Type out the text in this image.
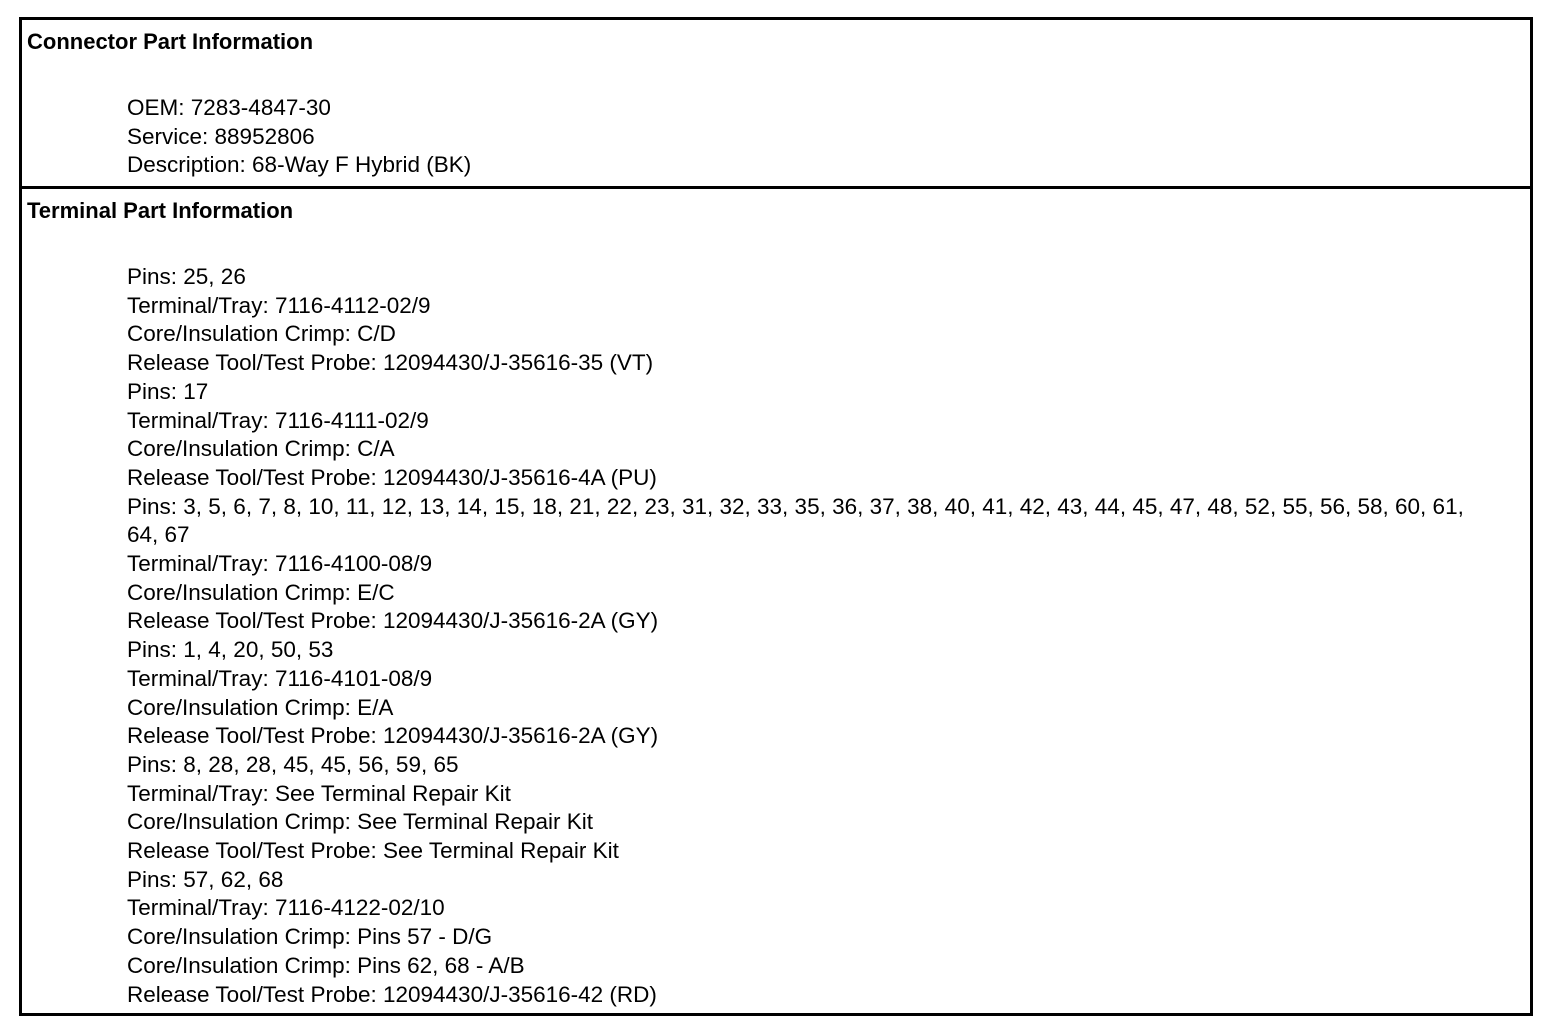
Connector Part Information
OEM: 7283-4847-30
Service: 88952806
Description: 68-Way F Hybrid (BK)
Terminal Part Information
Pins: 25, 26
Terminal/Tray: 7116-4112-02/9
Core/Insulation Crimp: C/D
Release Tool/Test Probe: 12094430/J-35616-35 (VT)
Pins: 17
Terminal/Tray: 7116-4111-02/9
Core/Insulation Crimp: C/A
Release Tool/Test Probe: 12094430/J-35616-4A (PU)
Pins: 3, 5, 6, 7, 8, 10, 11, 12, 13, 14, 15, 18, 21, 22, 23, 31, 32, 33, 35, 36, 37, 38, 40, 41, 42, 43, 44, 45, 47, 48, 52, 55, 56, 58, 60, 61, 64, 67
Terminal/Tray: 7116-4100-08/9
Core/Insulation Crimp: E/C
Release Tool/Test Probe: 12094430/J-35616-2A (GY)
Pins: 1, 4, 20, 50, 53
Terminal/Tray: 7116-4101-08/9
Core/Insulation Crimp: E/A
Release Tool/Test Probe: 12094430/J-35616-2A (GY)
Pins: 8, 28, 28, 45, 45, 56, 59, 65
Terminal/Tray: See Terminal Repair Kit
Core/Insulation Crimp: See Terminal Repair Kit
Release Tool/Test Probe: See Terminal Repair Kit
Pins: 57, 62, 68
Terminal/Tray: 7116-4122-02/10
Core/Insulation Crimp: Pins 57 - D/G
Core/Insulation Crimp: Pins 62, 68 - A/B
Release Tool/Test Probe: 12094430/J-35616-42 (RD)
